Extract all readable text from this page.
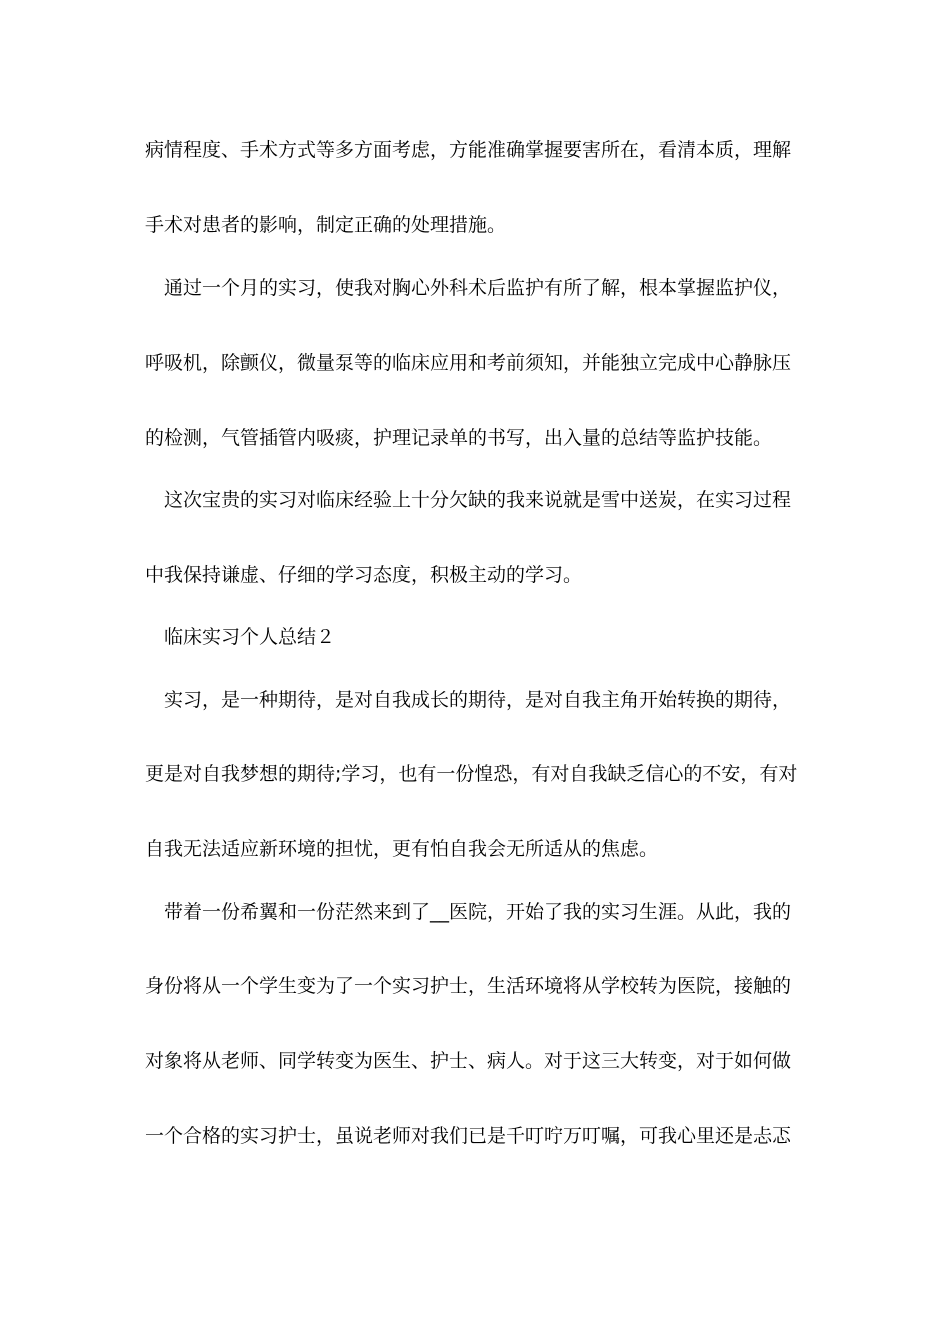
病情程度、手术方式等多方面考虑，方能准确掌握要害所在，看清本质，理解
手术对患者的影响，制定正确的处理措施。
通过一个月的实习，使我对胸心外科术后监护有所了解，根本掌握监护仪，
呼吸机，除颤仪，微量泵等的临床应用和考前须知，并能独立完成中心静脉压
的检测，气管插管内吸痰，护理记录单的书写，出入量的总结等监护技能。
这次宝贵的实习对临床经验上十分欠缺的我来说就是雪中送炭，在实习过程
中我保持谦虚、仔细的学习态度，积极主动的学习。
临床实习个人总结２
实习，是一种期待，是对自我成长的期待，是对自我主角开始转换的期待，
更是对自我梦想的期待;学习，也有一份惶恐，有对自我缺乏信心的不安，有对
自我无法适应新环境的担忧，更有怕自我会无所适从的焦虑。
带着一份希翼和一份茫然来到了__医院，开始了我的实习生涯。从此，我的
身份将从一个学生变为了一个实习护士，生活环境将从学校转为医院，接触的
对象将从老师、同学转变为医生、护士、病人。对于这三大转变，对于如何做
一个合格的实习护士，虽说老师对我们已是千叮咛万叮嘱，可我心里还是忐忑
